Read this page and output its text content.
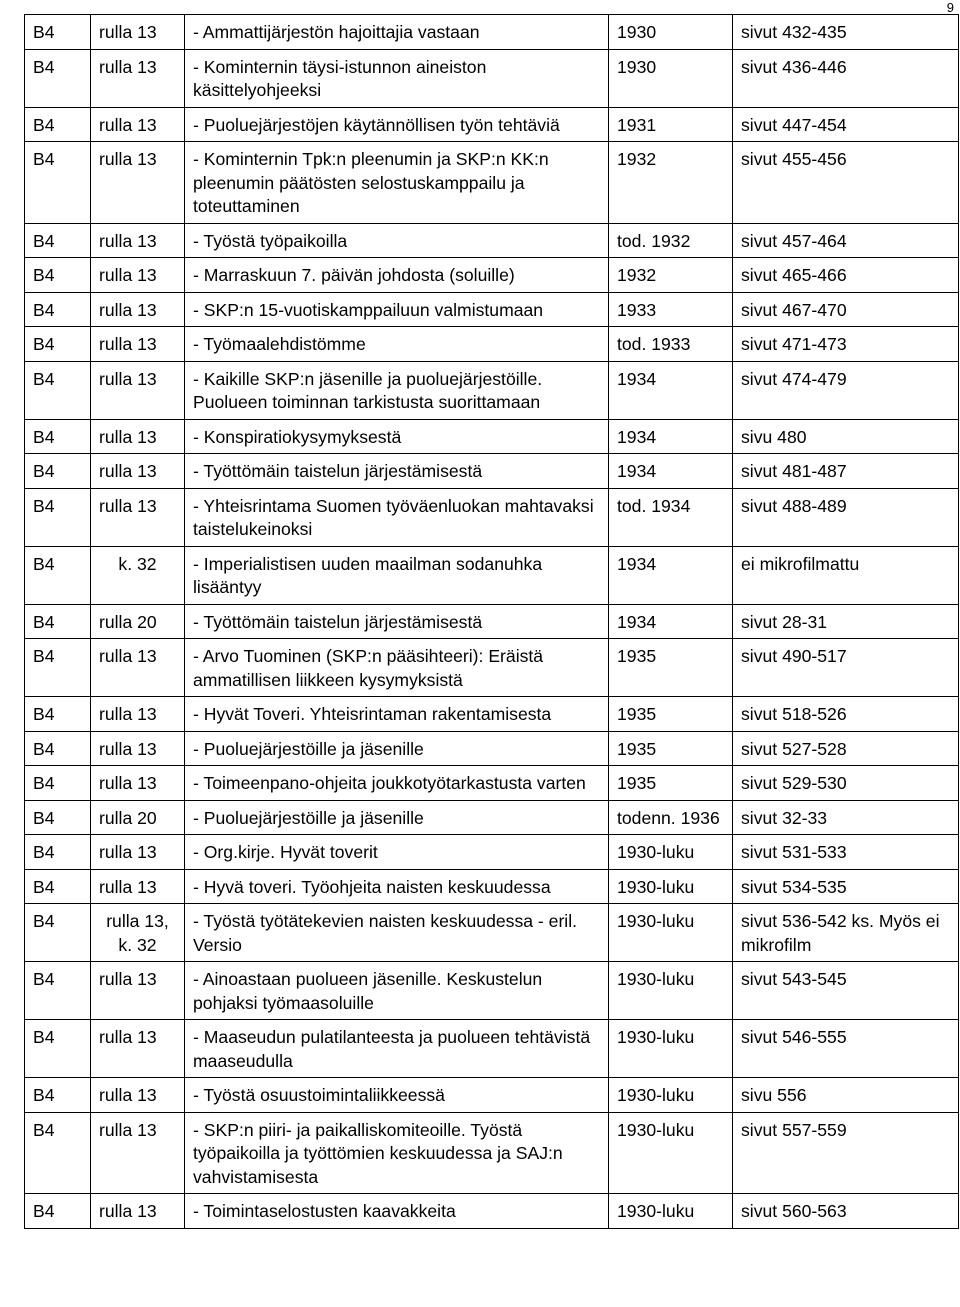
9
B4	rulla 13	- Ammattijärjestön hajoittajia vastaan	1930	sivut 432-435
B4	rulla 13	- Kominternin täysi-istunnon aineiston käsittelyohjeeksi	1930	sivut 436-446
B4	rulla 13	- Puoluejärjestöjen käytännöllisen työn tehtäviä	1931	sivut 447-454
B4	rulla 13	- Kominternin Tpk:n pleenumin ja SKP:n KK:n pleenumin päätösten selostuskamppailu ja toteuttaminen	1932	sivut 455-456
B4	rulla 13	- Työstä työpaikoilla	tod. 1932	sivut 457-464
B4	rulla 13	- Marraskuun 7. päivän johdosta (soluille)	1932	sivut 465-466
B4	rulla 13	- SKP:n 15-vuotiskamppailuun valmistumaan	1933	sivut 467-470
B4	rulla 13	- Työmaalehdistömme	tod. 1933	sivut 471-473
B4	rulla 13	- Kaikille SKP:n jäsenille ja puoluejärjestöille. Puolueen toiminnan tarkistusta suorittamaan	1934	sivut 474-479
B4	rulla 13	- Konspiratiokysymyksestä	1934	sivu 480
B4	rulla 13	- Työttömäin taistelun järjestämisestä	1934	sivut 481-487
B4	rulla 13	- Yhteisrintama Suomen työväenluokan mahtavaksi taistelukeinoksi	tod. 1934	sivut 488-489
B4	k. 32	- Imperialistisen uuden maailman sodanuhka lisääntyy	1934	ei mikrofilmattu
B4	rulla 20	- Työttömäin taistelun järjestämisestä	1934	sivut 28-31
B4	rulla 13	- Arvo Tuominen (SKP:n pääsihteeri): Eräistä ammatillisen liikkeen kysymyksistä	1935	sivut 490-517
B4	rulla 13	- Hyvät Toveri. Yhteisrintaman rakentamisesta	1935	sivut 518-526
B4	rulla 13	- Puoluejärjestöille ja jäsenille	1935	sivut 527-528
B4	rulla 13	- Toimeenpano-ohjeita joukkotyötarkastusta varten	1935	sivut 529-530
B4	rulla 20	- Puoluejärjestöille ja jäsenille	todenn. 1936	sivut 32-33
B4	rulla 13	- Org.kirje. Hyvät toverit	1930-luku	sivut 531-533
B4	rulla 13	- Hyvä toveri. Työohjeita naisten keskuudessa	1930-luku	sivut 534-535
B4	rulla 13, k. 32	- Työstä työtätekevien naisten keskuudessa - eril. Versio	1930-luku	sivut 536-542 ks. Myös ei mikrofilm
B4	rulla 13	- Ainoastaan puolueen jäsenille. Keskustelun pohjaksi työmaasoluille	1930-luku	sivut 543-545
B4	rulla 13	- Maaseudun pulatilanteesta ja puolueen tehtävistä maaseudulla	1930-luku	sivut 546-555
B4	rulla 13	- Työstä osuustoimintaliikkeessä	1930-luku	sivu 556
B4	rulla 13	- SKP:n piiri- ja paikalliskomiteoille. Työstä työpaikoilla ja työttömien keskuudessa ja SAJ:n vahvistamisesta	1930-luku	sivut 557-559
B4	rulla 13	- Toimintaselostusten kaavakkeita	1930-luku	sivut 560-563
